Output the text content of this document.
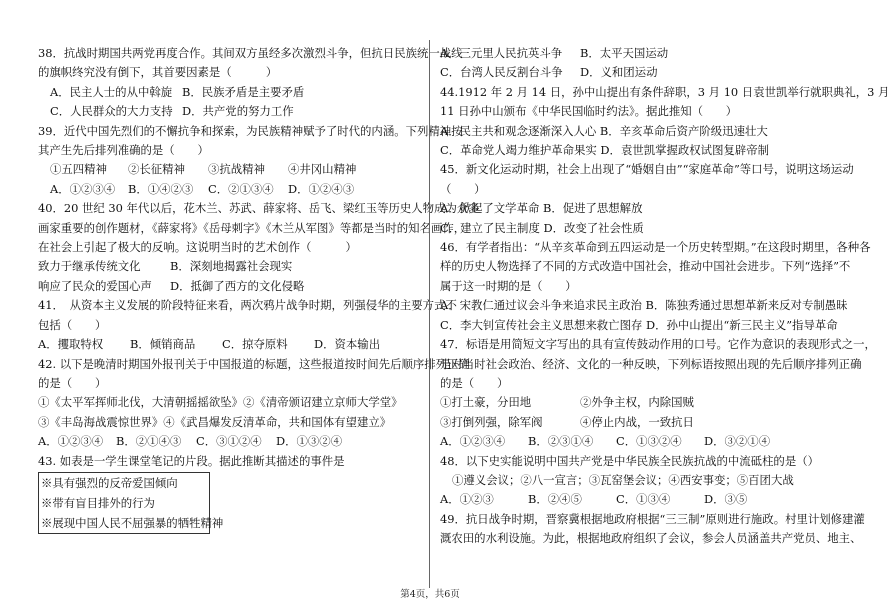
38．抗战时期国共两党再度合作。其间双方虽经多次激烈斗争，但抗日民族统一战线
的旗帜终究没有倒下，其首要因素是（　　　）
A．民主人士的从中斡旋 B．民族矛盾是主要矛盾
C．人民群众的大力支持 D．共产党的努力工作
39．近代中国先烈们的不懈抗争和探索，为民族精神赋予了时代的内涵。下列精神按
其产生先后排列准确的是（　　）
①五四精神	②长征精神	③抗战精神	④井冈山精神
A．①②③④	B．①④②③	C．②①③④	D．①②④③
40．20 世纪 30 年代以后，花木兰、苏武、薛家将、岳飞、梁红玉等历史人物成为众多
画家重要的创作题材，《薛家将》《岳母刺字》《木兰从军图》等都是当时的知名画作，
在社会上引起了极大的反响。这说明当时的艺术创作（　　　）
致力于继承传统文化	B．深刻地揭露社会现实
响应了民众的爱国心声	D．抵御了西方的文化侵略
41．　从资本主义发展的阶段特征来看，两次鸦片战争时期，列强侵华的主要方式不
包括（　　）
A．攫取特权	B．倾销商品	C．掠夺原料	D．资本输出
42. 以下是晚清时期国外报刊关于中国报道的标题，这些报道按时间先后顺序排列正确
的是（　　）
①《太平军挥师北伐，大清朝摇摇欲坠》②《清帝颁诏建立京师大学堂》
③《丰岛海战震惊世界》④《武昌爆发反清革命，共和国体有望建立》
A．①②③④	B．②①④③	C．③①②④	D．①③②④
43. 如表是一学生课堂笔记的片段。据此推断其描述的事件是
※具有强烈的反帝爱国倾向
※带有盲目排外的行为
※展现中国人民不屈强暴的牺牲精神
A．三元里人民抗英斗争	B．太平天国运动
C．台湾人民反割台斗争	D．义和团运动
44.1912 年 2 月 14 日，孙中山提出有条件辞职，3 月 10 日袁世凯举行就职典礼，3 月
11 日孙中山颁布《中华民国临时约法》。据此推知（　　）
A．民主共和观念逐渐深入人心 B．辛亥革命后资产阶级迅速壮大
C．革命党人竭力维护革命果实 D．袁世凯掌握政权试图复辟帝制
45．新文化运动时期，社会上出现了“婚姻自由”“家庭革命”等口号，说明这场运动
（　　）
A．掀起了文学革命 B．促进了思想解放
C．建立了民主制度 D．改变了社会性质
46．有学者指出：“从辛亥革命到五四运动是一个历史转型期。”在这段时期里，各种各
样的历史人物选择了不同的方式改造中国社会，推动中国社会进步。下列“选择”不
属于这一时期的是（　　）
A．宋教仁通过议会斗争来追求民主政治 B．陈独秀通过思想革新来反对专制愚昧
C．李大钊宣传社会主义思想来救亡图存 D．孙中山提出“新三民主义”指导革命
47．标语是用简短文字写出的具有宣传鼓动作用的口号。它作为意识的表现形式之一，
是对当时社会政治、经济、文化的一种反映，下列标语按照出现的先后顺序排列正确
的是（　　）
①打土豪，分田地	②外争主权，内除国贼
③打倒列强，除军阀	④停止内战，一致抗日
A．①②③④	B．②③①④	C．①③②④	D．③②①④
48．以下史实能说明中国共产党是中华民族全民族抗战的中流砥柱的是（）
①遵义会议；②八一宣言；③瓦窑堡会议；④西安事变；⑤百团大战
A．①②③	B．②④⑤	C．①③④	D．③⑤
49．抗日战争时期，晋察冀根据地政府根据“三三制”原则进行施政。村里计划修建灌
溉农田的水利设施。为此，根据地政府组织了会议，参会人员涵盖共产党员、地主、
第4页，共6页
